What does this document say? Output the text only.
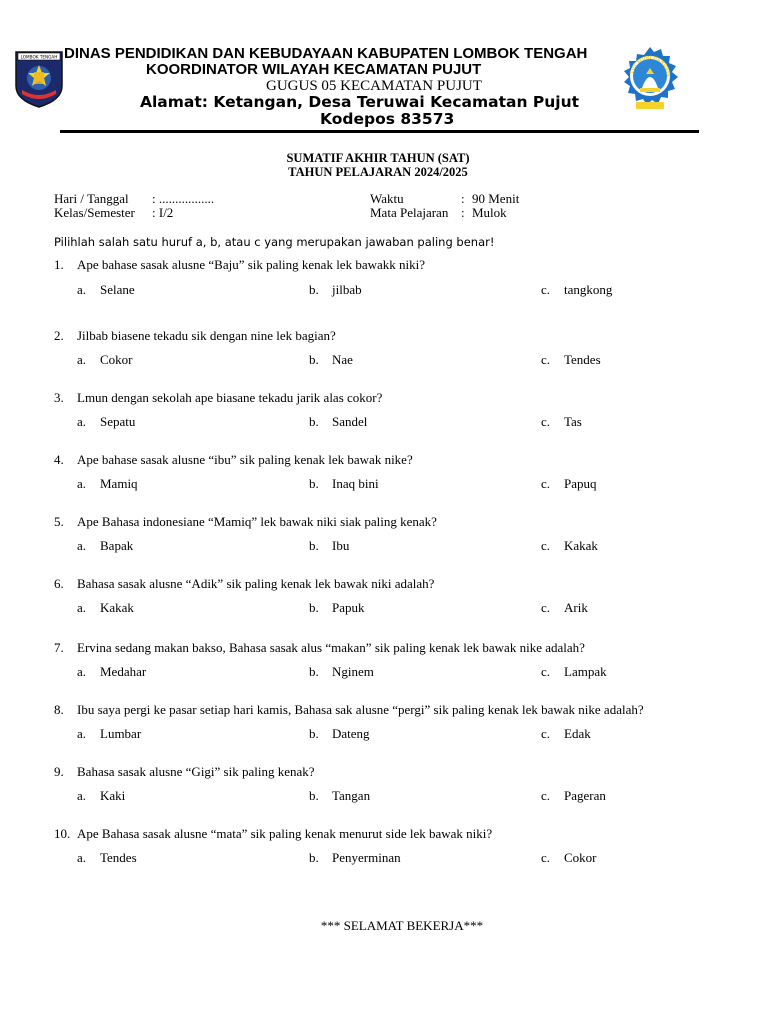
LOMBOK TENGAH DINAS PENDIDIKAN DAN KEBUDAYAAN KABUPATEN LOMBOK TENGAH
KOORDINATOR WILAYAH KECAMATAN PUJUT
GUGUS 05 KECAMATAN PUJUT
Alamat: Ketangan, Desa Teruwai Kecamatan Pujut
Kodepos 83573
TUT WURI HANDAYA
SUMATIF AKHIR TAHUN (SAT)
TAHUN PELAJARAN 2024/2025
Hari / Tanggal : .................
Kelas/Semester : I/2
Waktu	: 90 Menit
Mata Pelajaran : Mulok
Pilihlah salah satu huruf a, b, atau c yang merupakan jawaban paling benar!
1. Ape bahase sasak alusne “Baju” sik paling kenak lek bawakk niki?
a. Selane	b. jilbab	c. tangkong
2. Jilbab biasene tekadu sik dengan nine lek bagian?
a. Cokor	b. Nae	c. Tendes
3. Lmun dengan sekolah ape biasane tekadu jarik alas cokor?
a. Sepatu	b. Sandel	c. Tas
4. Ape bahase sasak alusne “ibu” sik paling kenak lek bawak nike?
a. Mamiq	b. Inaq bini	c. Papuq
5. Ape Bahasa indonesiane “Mamiq” lek bawak niki siak paling kenak?
a. Bapak	b. Ibu	c. Kakak
6. Bahasa sasak alusne “Adik” sik paling kenak lek bawak niki adalah?
a. Kakak	b. Papuk	c. Arik
7. Ervina sedang makan bakso, Bahasa sasak alus “makan” sik paling kenak lek bawak nike adalah?
a. Medahar	b. Nginem	c. Lampak
8. Ibu saya pergi ke pasar setiap hari kamis, Bahasa sak alusne “pergi” sik paling kenak lek bawak nike adalah?
a. Lumbar	b. Dateng	c. Edak
9. Bahasa sasak alusne “Gigi” sik paling kenak?
a. Kaki	b. Tangan	c. Pageran
10. Ape Bahasa sasak alusne “mata” sik paling kenak menurut side lek bawak niki?
a. Tendes	b. Penyerminan	c. Cokor
*** SELAMAT BEKERJA***
